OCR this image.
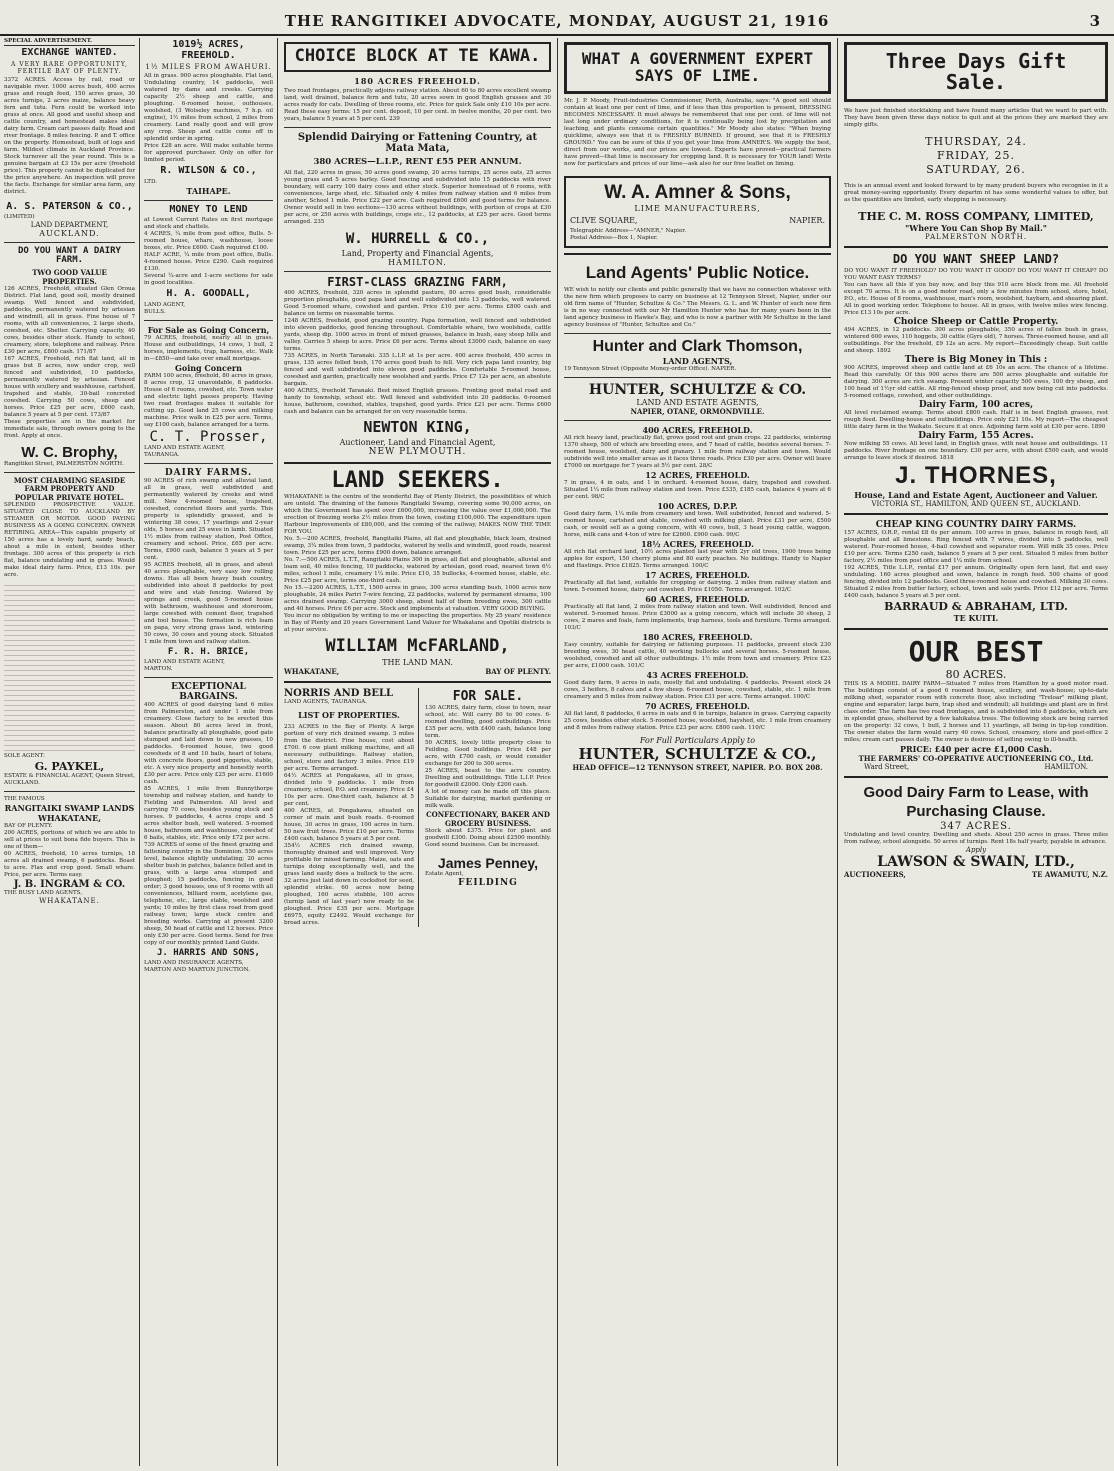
THE RANGITIKEI ADVOCATE, MONDAY, AUGUST 21, 1916	3
SPECIAL ADVERTISEMENT.
EXCHANGE WANTED.
A VERY RARE OPPORTUNITY, FERTILE BAY OF PLENTY.
3372 ACRES. Access by rail, road or navigable river. 1000 acres bush, 400 acres grass and rough feed, 150 acres grass, 30 acres turnips, 2 acres maize, balance heavy fern and tutu. Fern could be worked into grass at once. All good and useful sheep and cattle country, and homestead makes ideal dairy farm. Cream cart passes daily. Road and river frontage. 8 miles fencing. P. and T. office on the property. Homestead, built of logs and farm. Mildest climate in Auckland Province. Stock turnover all the year round. This is a genuine bargain at £3 15s per acre (freehold price). This property cannot be duplicated for the price anywhere. An inspection will prove the facts. Exchange for similar area farm, any district.
A. S. PATERSON & CO.,
(LIMITED)
LAND DEPARTMENT,
AUCKLAND.
DO YOU WANT A DAIRY FARM.
TWO GOOD VALUE PROPERTIES.
126 ACRES, Freehold, situated Glen Oroua District. Flat land, good soil, mostly drained swamp. Well fenced and subdivided, paddocks, permanently watered by artesian and windmill, all in grass. Fine house of 7 rooms, with all conveniences, 2 large sheds, cowshed, etc. Shelter. Carrying capacity, 40 cows, besides other stock. Handy to school, creamery, store, telephone and railway. Price £30 per acre, £800 cash. 171/87
167 ACRES, Freehold, rich flat land, all in grass but 8 acres, now under crop, well fenced and subdivided, 10 paddocks, permanently watered by artesian. Fenced house with scullery and washhouse, cartshed, trapshed and stable, 30-bail concreted cowshed. Carrying 50 cows, sheep and horses. Price £25 per acre, £600 cash, balance 5 years at 5 per cent. 173/87
These properties are in the market for immediate sale, through owners going to the front. Apply at once.
W. C. Brophy,
Rangitikei Street, PALMERSTON NORTH.
MOST CHARMING SEASIDE FARM PROPERTY AND POPULAR PRIVATE HOTEL.
SPLENDID PROSPECTIVE VALUE. SITUATED CLOSE TO AUCKLAND BY STEAMER OR MOTOR. GOOD PAYING BUSINESS AS A GOING CONCERN. OWNER RETIRING. AREA—This capable property of 150 acres has a lovely hard, sandy beach, about a mile in extent, besides other frontage. 300 acres of this property is rich flat, balance undulating and in grass. Would make ideal dairy farm. Price, £13 10s. per acre.
SOLE AGENT:
G. PAYKEL,
ESTATE & FINANCIAL AGENT, Queen Street, AUCKLAND.
THE FAMOUS
RANGITAIKI SWAMP LANDS
WHAKATANE,
BAY OF PLENTY.
200 ACRES, portions of which we are able to sell at prices to suit bona fide buyers. This is one of them—
60 ACRES, freehold, 10 acres turnips, 18 acres all drained swamp, 6 paddocks. Boast to acre. Flax and crop good. Small whare. Price, per acre. Terms easy.
J. B. INGRAM & CO.
THE BUSY LAND AGENTS,
WHAKATANE.
1019½ ACRES, FREEHOLD.
1½ MILES FROM AWAHURI.
All in grass. 900 acres ploughable. Flat land, Undulating country, 14 paddocks, well watered by dams and creeks. Carrying capacity 2½ sheep and cattle, and ploughing. 6-roomed house, outhouses, woolshed, (3 Wolseley machines, 7 h.p. oil engine), 1½ miles from school, 2 miles from creamery. Land really good and will grow any crop. Sheep and cattle come off in splendid order in spring.
Price £28 an acre. Will make suitable terms for approved purchaser. Only on offer for limited period.
R. WILSON & CO.,
LTD.
TAIHAPE.
MONEY TO LEND
at Lowest Current Rates on first mortgage and stock and chattels.
4 ACRES, ¼ mile from post office, Bulls. 5-roomed house, whare, washhouse, loose boxes, etc. Price £600. Cash required £100.
HALF ACRE, ¼ mile from post office, Bulls. 4-roomed house. Price £290. Cash required £130.
Several ¼-acre and 1-acre sections for sale in good localities.
H. A. GOODALL,
LAND AGENT,
BULLS.
For Sale as Going Concern,
79 ACRES, freehold, nearly all in grass. House and outbuildings, 14 cows, 1 bull, 2 horses, implements, trap, harness, etc. Walk in—£850—and take over small mortgage.
Going Concern
FARM 100 acres, freehold, 80 acres in grass, 8 acres crop, 12 unavoidable, 8 paddocks. House of 6 rooms, cowshed, etc. Town water and electric light passes property. Having two road frontages makes it suitable for cutting up. Good land 25 cows and milking machine. Price walk in £25 per acre. Terms, say £100 cash, balance arranged for a term.
C. T. Prosser,
LAND AND ESTATE AGENT,
TAURANGA.
DAIRY FARMS.
90 ACRES of rich swamp and alluvial land, all in grass, well subdivided and permanently watered by creeks and wind mill. New 4-roomed house, trapshed, cowshed, concreted floors and yards. This property is splendidly grassed, and is wintering 38 cows, 17 yearlings and 2-year olds, 5 horses and 25 ewes in lamb. Situated 1½ miles from railway station, Post Office, creamery and school. Price, £65 per acre. Terms, £900 cash, balance 5 years at 5 per cent.
95 ACRES freehold, all in grass, and about 40 acres ploughable, very easy low rolling downs. Has all been heavy bush country, subdivided into about 8 paddocks by post and wire and stab fencing. Watered by springs and creek, good 5-roomed house with bathroom, washhouse and storeroom, large cowshed with cement floor, trapshed and tool house. The formation is rich loam on papa, very strong grass land, wintering 50 cows, 30 cows and young stock. Situated 1 mile from town and railway station.
F. R. H. BRICE,
LAND AND ESTATE AGENT,
MARTON.
EXCEPTIONAL BARGAINS.
400 ACRES of good dairying land 6 miles from Palmerston, and under 1 mile from creamery. Close factory to be erected this season. About 80 acres level in front, balance practically all ploughable, good gate stumped and laid down to new grasses, 10 paddocks. 6-roomed house, two good cowsheds of 8 and 10 bails, heart of totara, with concrete floors, good piggeries, stable, etc. A very nice property and honestly worth £30 per acre. Price only £25 per acre. £1600 cash.
85 ACRES, 1 mile from Bunnythorpe township and railway station, and handy to Fielding and Palmerston. All level and carrying 70 cows, besides young stock and horses. 9 paddocks, 4 acres crops and 5 acres shelter bush, well watered. 5-roomed house, bathroom and washhouse, cowshed of 6 bails, stables, etc. Price only £72 per acre.
739 ACRES of some of the finest grazing and fattening country in the Dominion. 550 acres level, balance slightly undulating; 20 acres shelter bush in patches, balance felled and in grass, with a large area stumped and ploughed; 15 paddocks, fencing in good order; 3 good houses, one of 9 rooms with all conveniences, billiard room, acetylene gas, telephone, etc., large stable, woolshed and yards; 10 miles by first class road from good railway town; large stock centre and breeding works. Carrying at present 3200 sheep, 50 head of cattle and 12 horses. Price only £30 per acre. Good terms. Send for free copy of our monthly printed Land Guide.
J. HARRIS AND SONS,
LAND AND INSURANCE AGENTS,
MARTON AND MARTON JUNCTION.
CHOICE BLOCK AT TE KAWA.
180 ACRES FREEHOLD.
Two road frontages, practically adjoins railway station. About 60 to 80 acres excellent swamp land, well drained, balance fern and tutu, 20 acres sown in good English grasses and 30 acres ready for cats. Dwelling of three rooms, etc. Price for quick Sale only £10 10s per acre. Read these easy terms: 15 per cent. deposit, 10 per cent. in twelve months, 20 per cent. two years, balance 5 years at 5 per cent. 239
Splendid Dairying or Fattening Country, at Mata Mata,
380 ACRES—L.I.P., RENT £55 PER ANNUM.
All flat, 220 acres in grass, 50 acres good swamp, 20 acres turnips, 25 acres oats, 25 acres young grass and 5 acres barley. Good fencing and subdivided into 15 paddocks with river boundary, will carry 100 dairy cows and other stock. Superior homestead of 6 rooms, with conveniences, large shed, etc. Situated only 4 miles from railway station and 6 miles from another, School 1 mile. Price £22 per acre. Cash required £600 and good terms for balance. Owner would sell in two sections—130 acres without buildings, with portion of crops at £30 per acre, or 250 acres with buildings, crops etc., 12 paddocks, at £25 per acre. Good terms arranged. 235
W. HURRELL & CO.,
Land, Property and Financial Agents,
HAMILTON.
FIRST-CLASS GRAZING FARM,
400 ACRES, freehold, 320 acres in splendid pasture, 80 acres good bush, considerable proportion ploughable, good papa land and well subdivided into 13 paddocks, well watered. Good 5-roomed whare, cowshed and garden. Price £10 per acre. Terms £800 cash and balance on terms on reasonable terms.
1248 ACRES, freehold, good grazing country. Papa formation, well fenced and subdivided into eleven paddocks, good fencing throughout. Comfortable whare, two woolsheds, cattle yards, sheep dip. 1000 acres in front of mixed grasses, balance in bush, easy steep hills and valley. Carries 5 sheep to acre. Price £6 per acre. Terms about £3000 cash, balance on easy terms.
735 ACRES, in North Taranaki. 335 L.I.P. at 1s per acre. 400 acres freehold, 450 acres in grass, 135 acres felled bush, 170 acres good bush to fell. Very rich papa land country, big fenced and well subdivided into eleven good paddocks. Comfortable 5-roomed house, cowshed and garden, practically new woolshed and yards. Price £7 12s per acre, an absolute bargain.
400 ACRES, freehold Taranaki. Best mixed English grasses. Fronting good metal road and handy to township, school etc. Well fenced and subdivided into 20 paddocks. 6-roomed house, bathroom, cowshed, stables, trapshed, good yards. Price £21 per acre. Terms £600 cash and balance can be arranged for on very reasonable terms.
NEWTON KING,
Auctioneer, Land and Financial Agent,
NEW PLYMOUTH.
LAND SEEKERS.
WHAKATANE is the centre of the wonderful Bay of Plenty District, the possibilities of which are untold. The draining of the famous Rangitaiki Swamp, covering some 90,000 acres, on which the Government has spent over £600,000, increasing the value over £1,000,000. The erection of freezing works 2½ miles from the town, costing £100,000. The expenditure upon Harbour Improvements of £80,000, and the coming of the railway, MAKES NOW THE TIME FOR YOU.
No. 5.—200 ACRES, freehold, Rangitaiki Plains, all flat and ploughable, black loam, drained swamp, 3¼ miles from town, 5 paddocks, watered by wells and windmill, good roads, nearest town. Price £25 per acre, terms £900 down, balance arranged.
No. 7.—500 ACRES, L.T.T., Rangitaiki Plains 300 in grass, all flat and ploughable, alluvial and loam soil, 40 miles fencing, 10 paddocks, watered by artesian, good road, nearest town 6½ miles, school 1 mile, creamery 1¼ mile. Price £10, 35 bullocks, 4-roomed house, stable, etc. Price £25 per acre, terms one-third cash.
No 15.—2200 ACRES, L.T.T., 1500 acres in grass, 300 acres standing bush, 1000 acres now ploughable, 24 miles Pariri 7-wire fencing, 22 paddocks, watered by permanent streams, 100 acres drained swamp. Carrying 3000 sheep, about half of them breeding ewes, 300 cattle and 40 horses. Price £6 per acre. Stock and implements at valuation. VERY GOOD BUYING.
You incur no obligation by writing to me or inspecting the properties. My 25 years' residence in Bay of Plenty and 20 years Government Land Valuer for Whakatane and Opotiki districts is at your service.
WILLIAM McFARLAND,
THE LAND MAN.
WHAKATANE,	BAY OF PLENTY.
NORRIS AND BELL
LAND AGENTS, TAURANGA.
LIST OF PROPERTIES.
233 ACRES in the Bay of Plenty. A large portion of very rich drained swamp. 3 miles from the district. Fine house, cost about £700. 6 cow plant milking machine, and all necessary outbuildings. Railway station, school, store and factory 3 miles. Price £19 per acre. Terms arranged.
64½ ACRES at Pongakawa, all in grass, divided into 9 paddocks. 1 mile from creamery, school, P.O. and creamery. Price £4 10s per acre. One-third cash, balance at 5 per cent.
400 ACRES, at Pongakawa, situated on corner of main and bush roads. 6-roomed house, 30 acres in grass, 100 acres in turn. 50 new fruit trees. Price £10 per acre. Terms £400 cash, balance 5 years at 5 per cent.
354½ ACRES rich drained swamp, thoroughly drained and well improved. Very profitable for mixed farming. Maize, oats and turnips doing exceptionally well, and the grass land easily does a bullock to the acre. 32 acres just laid down in cocksfoot for seed, splendid strike. 60 acres now being ploughed, 160 acres stubble, 100 acres (turnip land of last year) now ready to be ploughed. Price £35 per acre. Mortgage £6975, equity £2492. Would exchange for broad acres.
FOR SALE.
130 ACRES, dairy farm, close to town, near school, etc. Will carry 80 to 90 cows. 6-roomed dwelling, good outbuildings. Price £35 per acre, with £400 cash, balance long term.
50 ACRES, lovely little property close to Feilding. Good buildings. Price £48 per acre, with £700 cash, or would consider exchange for 200 to 300 acres.
25 ACRES, beast to the acre country. Dwelling and outbuildings. Title L.I.P. Price for goodwill £2000. Only £200 cash.
A lot of money can be made off this place. Suitable for dairying, market gardening or milk walk.
CONFECTIONARY, BAKER AND GROCERY BUSINESS.
Stock about £375. Price for plant and goodwill £300. Doing about £2500 monthly. Good sound business. Can be increased.
James Penney,
Estate Agent,
FEILDING
WHAT A GOVERNMENT EXPERT SAYS OF LIME.
Mr. J. P. Moody, Fruit-industries Commissioner, Perth, Australia, says: "A good soil should contain at least one per cent of lime, and if less than this proportion is present, DRESSING BECOMES NECESSARY. It must always be remembered that one per cent. of lime will not last long under ordinary conditions, for it is continually being lost by precipitation and leaching, and plants consume certain quantities." Mr Moody also states: "When buying quicklime, always see that it is FRESHLY BURNED. If ground, see that it is FRESHLY GROUND." You can be sure of this if you get your lime from AMNER'S. We supply the best, direct from our works, and our prices are lowest. Experts have proved—practical farmers have proved—that lime is necessary for cropping land. It is necessary for YOUR land! Write now for particulars and prices of our lime—ask also for our free leaflet on liming.
W. A. Amner & Sons,
LIME MANUFACTURERS,
CLIVE SQUARE,	NAPIER.
Telegraphic Address—"AMNER," Napier.
Postal Address—Box 1, Napier.
Land Agents' Public Notice.
WE wish to notify our clients and public generally that we have no connection whatever with the new firm which proposes to carry on business at 12 Tennyson Street, Napier, under our old firm name of "Hunter, Schultze & Co." The Messrs. G. L. and W. Hunter of such new firm is in no way connected with our Mr Hamilton Hunter who has for many years been in the land agency business in Hawke's Bay, and who is now a partner with Mr Schultze in the land agency business of "Hunter, Schultze and Co."
Hunter and Clark Thomson,
LAND AGENTS,
19 Tennyson Street (Opposite Money-order Office). NAPIER.
HUNTER, SCHULTZE & CO.
LAND AND ESTATE AGENTS,
NAPIER, OTANE, ORMONDVILLE.
400 ACRES, FREEHOLD.
All rich heavy land, practically flat, grows good root and grain crops. 22 paddocks, wintering 1370 sheep, 500 of which are breeding ewes, and 7 head of cattle, besides several horses. 7-roomed house, woolshed, dairy and granary. 1 mile from railway station and town. Would subdivide well into smaller areas as it faces three roads. Price £30 per acre. Owner will leave £7000 on mortgage for 7 years at 5½ per cent. 28/C
12 ACRES, FREEHOLD.
7 in grass, 4 in oats, and 1 in orchard. 4-roomed house, dairy, trapshed and cowshed. Situated 1¼ mile from railway station and town. Price £335, £185 cash, balance 4 years at 6 per cent. 98/C
100 ACRES, D.P.P.
Good dairy farm, 1¼ mile from creamery and town. Well subdivided, fenced and watered. 5-roomed house, cartshed and stable, cowshed with milking plant. Price £31 per acre, £500 cash, or would sell as a going concern, with 40 cows, bull, 3 head young cattle, waggon, horse, milk cans and 4-ton of wire for £2600. £900 cash. 99/C
18½ ACRES, FREEHOLD.
All rich flat orchard land, 10½ acres planted last year with 2yr old trees, 1900 trees being apples for export, 150 cherry plums and 80 early peaches. No buildings. Handy to Napier and Hastings. Price £1825. Terms arranged. 100/C
17 ACRES, FREEHOLD.
Practically all flat land, suitable for cropping or dairying. 2 miles from railway station and town. 5-roomed house, dairy and cowshed. Price £1050. Terms arranged. 102/C
60 ACRES, FREEHOLD.
Practically all flat land, 2 miles from railway station and town. Well subdivided, fenced and watered. 5-roomed house. Price £3000 as a going concern, which will include 30 sheep, 2 cows, 2 mares and foals, farm implements, trap harness, tools and furniture. Terms arranged. 103/C
180 ACRES, FREEHOLD.
Easy country, suitable for dairying or fattening purposes. 11 paddocks, present stock 230 breeding ewes, 30 head cattle, 40 working bullocks and several horses. 5-roomed house, woolshed, cowshed and all other outbuildings. 1½ mile from town and creamery. Price £23 per acre, £1000 cash. 101/C
43 ACRES FREEHOLD.
Good dairy farm, 9 acres in oats, mostly flat and undulating. 4 paddocks. Present stock 24 cows, 3 heifers, 8 calves and a few sheep. 6-roomed house, cowshed, stable, etc. 1 mile from creamery and 5 miles from railway station. Price £31 per acre. Terms arranged. 100/C
70 ACRES, FREEHOLD.
All flat land, 8 paddocks, 6 acres in oats and 6 in turnips, balance in grass. Carrying capacity 25 cows, besides other stock. 5-roomed house, woolshed, hayshed, etc. 1 mile from creamery and 8 miles from railway station. Price £23 per acre. £800 cash. 110/C
For Full Particulars Apply to
HUNTER, SCHULTZE & CO.,
HEAD OFFICE—12 TENNYSON STREET, NAPIER. P.O. BOX 208.
Three Days Gift Sale.
We have just finished stocktaking and have found many articles that we want to part with. They have been given three days notice to quit and at the prices they are marked they are simply gifts.
THURSDAY, 24.
FRIDAY, 25.
SATURDAY, 26.
This is an annual event and looked forward to by many prudent buyers who recognise in it a great money-saving opportunity. Every departm nt has some wonderful values to offer, but as the quantities are limited, early shopping is necessary.
THE C. M. ROSS COMPANY, LIMITED,
"Where You Can Shop By Mail."
PALMERSTON NORTH.
DO YOU WANT SHEEP LAND?
DO YOU WANT IT FREEHOLD? DO YOU WANT IT GOOD? DO YOU WANT IT CHEAP? DO YOU WANT EASY TERMS?
You can have all this if you buy now, and buy this 910 acre block from me. All freehold except 70 acres. It is on a good motor road, only a few minutes from school, store, hotel, P.O., etc. House of 8 rooms, washhouse, man's room, woolshed, haybarn, and shearing plant. All in good working order. Telephone to house. All in grass, with twelve miles wire fencing. Price £13 10s per acre.
Choice Sheep or Cattle Property.
494 ACRES, in 12 paddocks. 300 acres ploughable, 350 acres of fallen bush in grass, wintered 600 ewes, 110 hoggets, 30 cattle (Gyrs old), 7 horses. Three-roomed house, and all outbuildings. For the freehold, £9 12s an acre. My report—Exceedingly cheap. Suit cattle and sheep. 1892
There is Big Money in This :
900 ACRES, improved sheep and cattle land at £6 10s an acre. The chance of a lifetime. Read this carefully. Of this 900 acres there are 500 acres ploughable and suitable for dairying. 300 acres are rich swamp. Present winter capacity 500 ewes, 100 dry sheep, and 100 head of 1½yr old cattle. All ring-fenced sheep proof, and now being cut into paddocks. 5-roomed cottage, cowshed, and other outbuildings.
Dairy Farm, 100 acres,
All level reclaimed swamp. Terms about £800 cash. Half is in best English grasses, rest rough feed. Dwelling-house and outbuildings. Price only £21 10s. My report—The cheapest little dairy farm in the Waikato. Secure it at once. Adjoining farm sold at £30 per acre. 1890
Dairy Farm, 155 Acres.
Now milking 55 cows. All level land, in English grass, with neat house and outbuildings. 11 paddocks. River frontage on one boundary. £30 per acre, with about £500 cash, and would arrange to leave stock if desired. 1818
J. THORNES,
House, Land and Estate Agent, Auctioneer and Valuer.
VICTORIA ST., HAMILTON, AND QUEEN ST., AUCKLAND.
CHEAP KING COUNTRY DAIRY FARMS.
157 ACRES, O.R.P., rental £8 6s per annum. 100 acres in grass, balance in rough feed, all ploughable and all limestone. Ring fenced with 7 wires, divided into 5 paddocks, well watered. Four-roomed house, 4-bail cowshed and separator room. Will milk 35 cows. Price £10 per acre. Terms £250 cash, balance 5 years at 5 per cent. Situated 5 miles from butter factory, 2½ miles from post office and 1¼ mile from school.
192 ACRES, Title L.I.P., rental £17 per annum. Originally open fern land, flat and easy undulating. 160 acres ploughed and sown, balance in rough feed. 500 chains of good fencing, divided into 12 paddocks. Good three-roomed house and cowshed. Milking 30 cows. Situated 2 miles from butter factory, school, town and sale yards. Price £12 per acre. Terms £400 cash, balance 5 years at 5 per cent.
BARRAUD & ABRAHAM, LTD.
TE KUITI.
OUR BEST
80 ACRES.
THIS IS A MODEL DAIRY FARM—Situated 7 miles from Hamilton by a good motor road. The buildings consist of a good 6 roomed house, scullery, and wash-house; up-to-date milking shed, separator room with concrete floor, also including "Treloar" milking plant, engine and separator; large barn, trap shed and windmill; all buildings and plant are in first class order. The farm has two road frontages, and is subdivided into 8 paddocks, which are in splendid grass, sheltered by a few kahikatea trees. The following stock are being carried on the property: 32 cows, 1 bull, 2 horses and 11 yearlings, all being in tip-top condition. The owner states the farm would carry 40 cows. School, creamery, store and post-office 2 miles; cream cart passes daily. The owner is desirous of selling owing to ill-health.
PRICE: £40 per acre £1,000 Cash.
THE FARMERS' CO-OPERATIVE AUCTIONEERING CO., Ltd.
Ward Street,	HAMILTON.
Good Dairy Farm to Lease, with Purchasing Clause.
347 ACRES.
Undulating and level country. Dwelling and sheds. About 250 acres in grass. Three miles from railway, school alongside. 50 acres of turnips. Rent 18s half yearly, payable in advance.
Apply
LAWSON & SWAIN, LTD.,
AUCTIONEERS,	TE AWAMUTU, N.Z.
